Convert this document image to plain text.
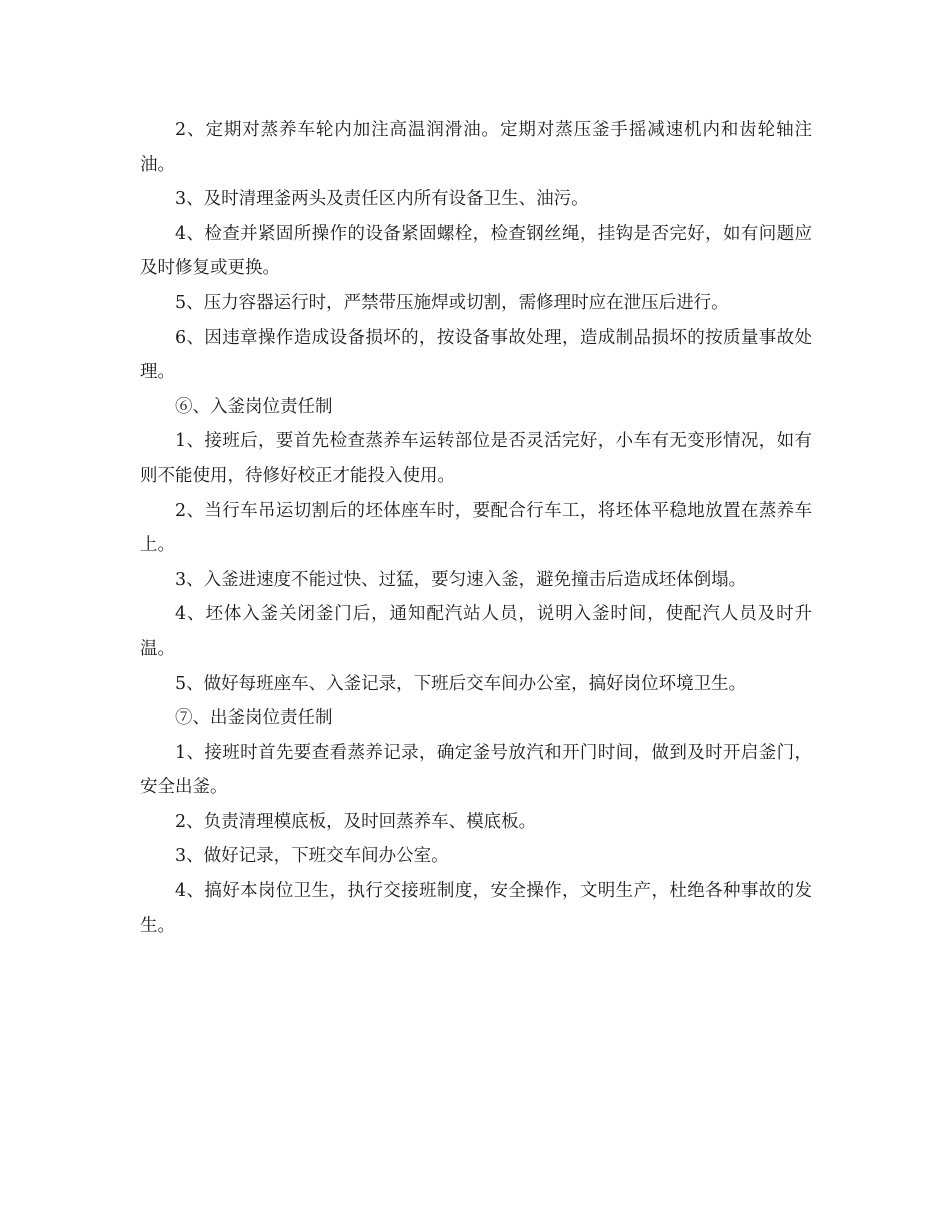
2、定期对蒸养车轮内加注高温润滑油。定期对蒸压釜手摇减速机内和齿轮轴注油。

3、及时清理釜两头及责任区内所有设备卫生、油污。

4、检查并紧固所操作的设备紧固螺栓，检查钢丝绳，挂钩是否完好，如有问题应及时修复或更换。

5、压力容器运行时，严禁带压施焊或切割，需修理时应在泄压后进行。

6、因违章操作造成设备损坏的，按设备事故处理，造成制品损坏的按质量事故处理。

⑥、入釜岗位责任制

1、接班后，要首先检查蒸养车运转部位是否灵活完好，小车有无变形情况，如有则不能使用，待修好校正才能投入使用。

2、当行车吊运切割后的坯体座车时，要配合行车工，将坯体平稳地放置在蒸养车上。

3、入釜进速度不能过快、过猛，要匀速入釜，避免撞击后造成坯体倒塌。

4、坯体入釜关闭釜门后，通知配汽站人员，说明入釜时间，使配汽人员及时升温。

5、做好每班座车、入釜记录，下班后交车间办公室，搞好岗位环境卫生。

⑦、出釜岗位责任制

1、接班时首先要查看蒸养记录，确定釜号放汽和开门时间，做到及时开启釜门，安全出釜。

2、负责清理模底板，及时回蒸养车、模底板。

3、做好记录，下班交车间办公室。

4、搞好本岗位卫生，执行交接班制度，安全操作，文明生产，杜绝各种事故的发生。
